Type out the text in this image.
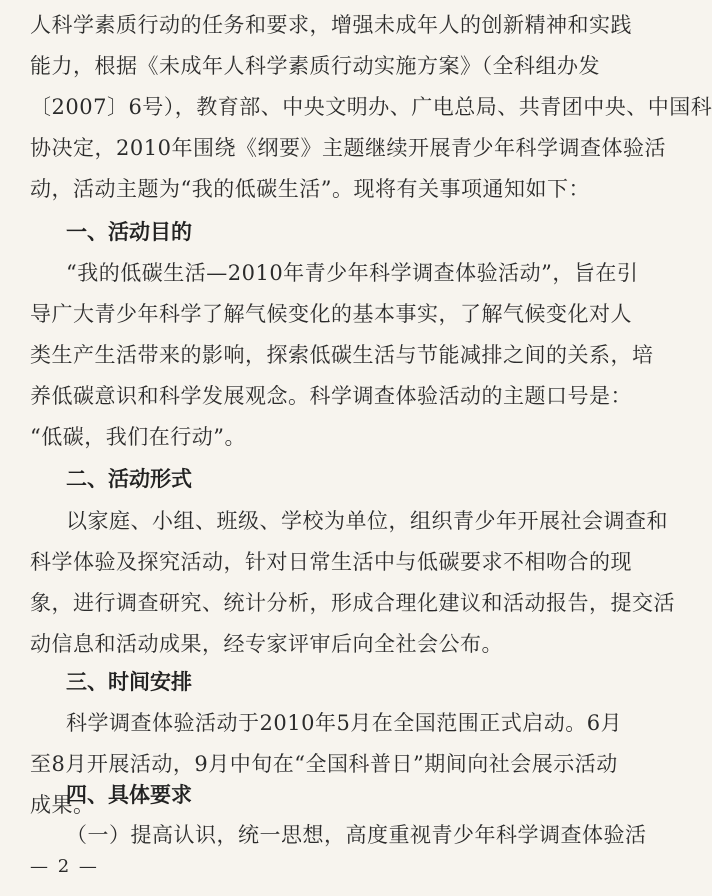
人科学素质行动的任务和要求，增强未成年人的创新精神和实践
能力，根据《未成年人科学素质行动实施方案》（全科组办发
〔2007〕6号），教育部、中央文明办、广电总局、共青团中央、中国科
协决定，2010年围绕《纲要》主题继续开展青少年科学调查体验活
动，活动主题为“我的低碳生活”。现将有关事项通知如下：
一、活动目的
“我的低碳生活—2010年青少年科学调查体验活动”，旨在引
导广大青少年科学了解气候变化的基本事实，了解气候变化对人
类生产生活带来的影响，探索低碳生活与节能减排之间的关系，培
养低碳意识和科学发展观念。科学调查体验活动的主题口号是：
“低碳，我们在行动”。
二、活动形式
以家庭、小组、班级、学校为单位，组织青少年开展社会调查和
科学体验及探究活动，针对日常生活中与低碳要求不相吻合的现
象，进行调查研究、统计分析，形成合理化建议和活动报告，提交活
动信息和活动成果，经专家评审后向全社会公布。
三、时间安排
科学调查体验活动于2010年5月在全国范围正式启动。6月
至8月开展活动，9月中旬在“全国科普日”期间向社会展示活动
成果。
四、具体要求
（一）提高认识，统一思想，高度重视青少年科学调查体验活
— 2 —
